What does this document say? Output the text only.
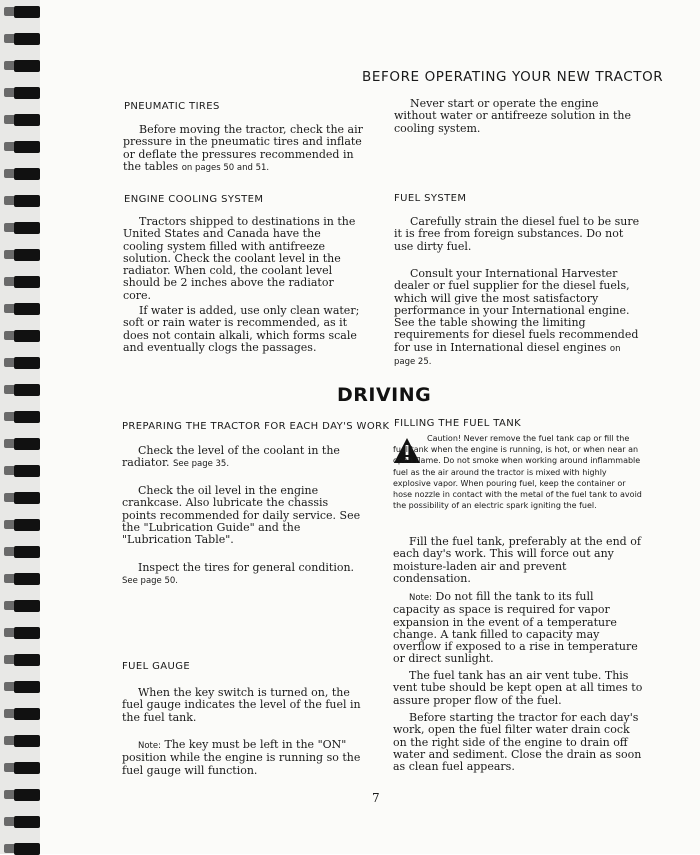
BEFORE OPERATING YOUR NEW TRACTOR
PNEUMATIC TIRES

Before moving the tractor, check the air pressure in the pneumatic tires and inflate or deflate the pressures recommended in the tables on pages 50 and 51.

ENGINE COOLING SYSTEM

Tractors shipped to destinations in the United States and Canada have the cooling system filled with antifreeze solution. Check the coolant level in the radiator. When cold, the coolant level should be 2 inches above the radiator core.

If water is added, use only clean water; soft or rain water is recommended, as it does not contain alkali, which forms scale and eventually clogs the passages.

Never start or operate the engine without water or antifreeze solution in the cooling system.

FUEL SYSTEM

Carefully strain the diesel fuel to be sure it is free from foreign substances. Do not use dirty fuel.

Consult your International Harvester dealer or fuel supplier for the diesel fuels, which will give the most satisfactory performance in your International engine. See the table showing the limiting requirements for diesel fuels recommended for use in International diesel engines on page 25.

DRIVING
PREPARING THE TRACTOR FOR EACH DAY'S WORK

Check the level of the coolant in the radiator. See page 35.

Check the oil level in the engine crankcase. Also lubricate the chassis points recommended for daily service. See the "Lubrication Guide" and the "Lubrication Table".

Inspect the tires for general condition. See page 50.

FUEL GAUGE

When the key switch is turned on, the fuel gauge indicates the level of the fuel in the fuel tank.

Note: The key must be left in the "ON" position while the engine is running so the fuel gauge will function.

FILLING THE FUEL TANK

Caution! Never remove the fuel tank cap or fill the fuel tank when the engine is running, is hot, or when near an open flame. Do not smoke when working around inflammable fuel as the air around the tractor is mixed with highly explosive vapor. When pouring fuel, keep the container or hose nozzle in contact with the metal of the fuel tank to avoid the possibility of an electric spark igniting the fuel.

Fill the fuel tank, preferably at the end of each day's work. This will force out any moisture-laden air and prevent condensation.

Note: Do not fill the tank to its full capacity as space is required for vapor expansion in the event of a temperature change. A tank filled to capacity may overflow if exposed to a rise in temperature or direct sunlight.

The fuel tank has an air vent tube. This vent tube should be kept open at all times to assure proper flow of the fuel.

Before starting the tractor for each day's work, open the fuel filter water drain cock on the right side of the engine to drain off water and sediment. Close the drain as soon as clean fuel appears.

7
